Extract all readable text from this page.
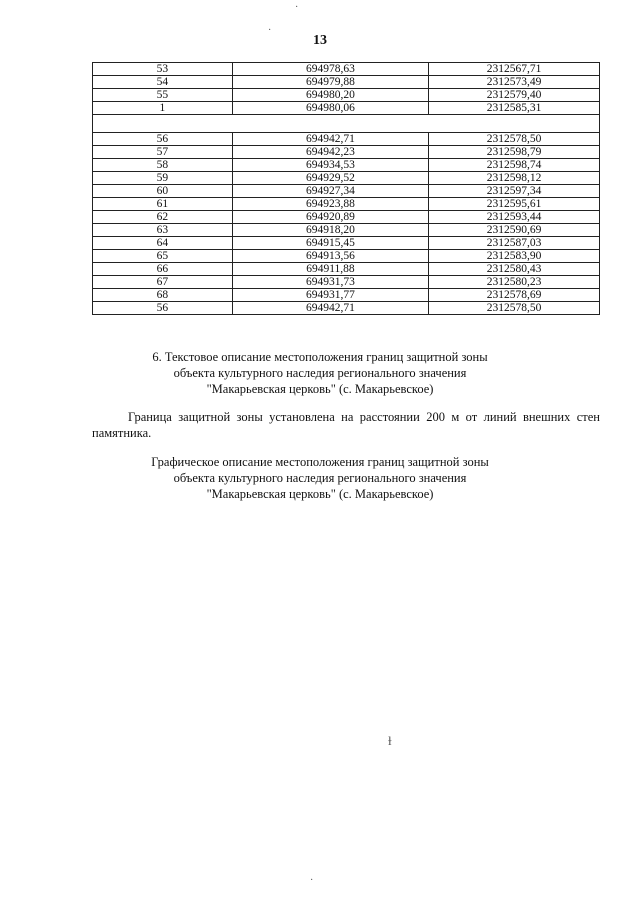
13
53	694978,63	2312567,71
54	694979,88	2312573,49
55	694980,20	2312579,40
1	694980,06	2312585,31

56	694942,71	2312578,50
57	694942,23	2312598,79
58	694934,53	2312598,74
59	694929,52	2312598,12
60	694927,34	2312597,34
61	694923,88	2312595,61
62	694920,89	2312593,44
63	694918,20	2312590,69
64	694915,45	2312587,03
65	694913,56	2312583,90
66	694911,88	2312580,43
67	694931,73	2312580,23
68	694931,77	2312578,69
56	694942,71	2312578,50
6. Текстовое описание местоположения границ защитной зоны
объекта культурного наследия регионального значения
"Макарьевская церковь" (с. Макарьевское)
Граница защитной зоны установлена на расстоянии 200 м от линий внешних стен памятника.
Графическое описание местоположения границ защитной зоны
объекта культурного наследия регионального значения
"Макарьевская церковь" (с. Макарьевское)
·
·
ɫ
·
